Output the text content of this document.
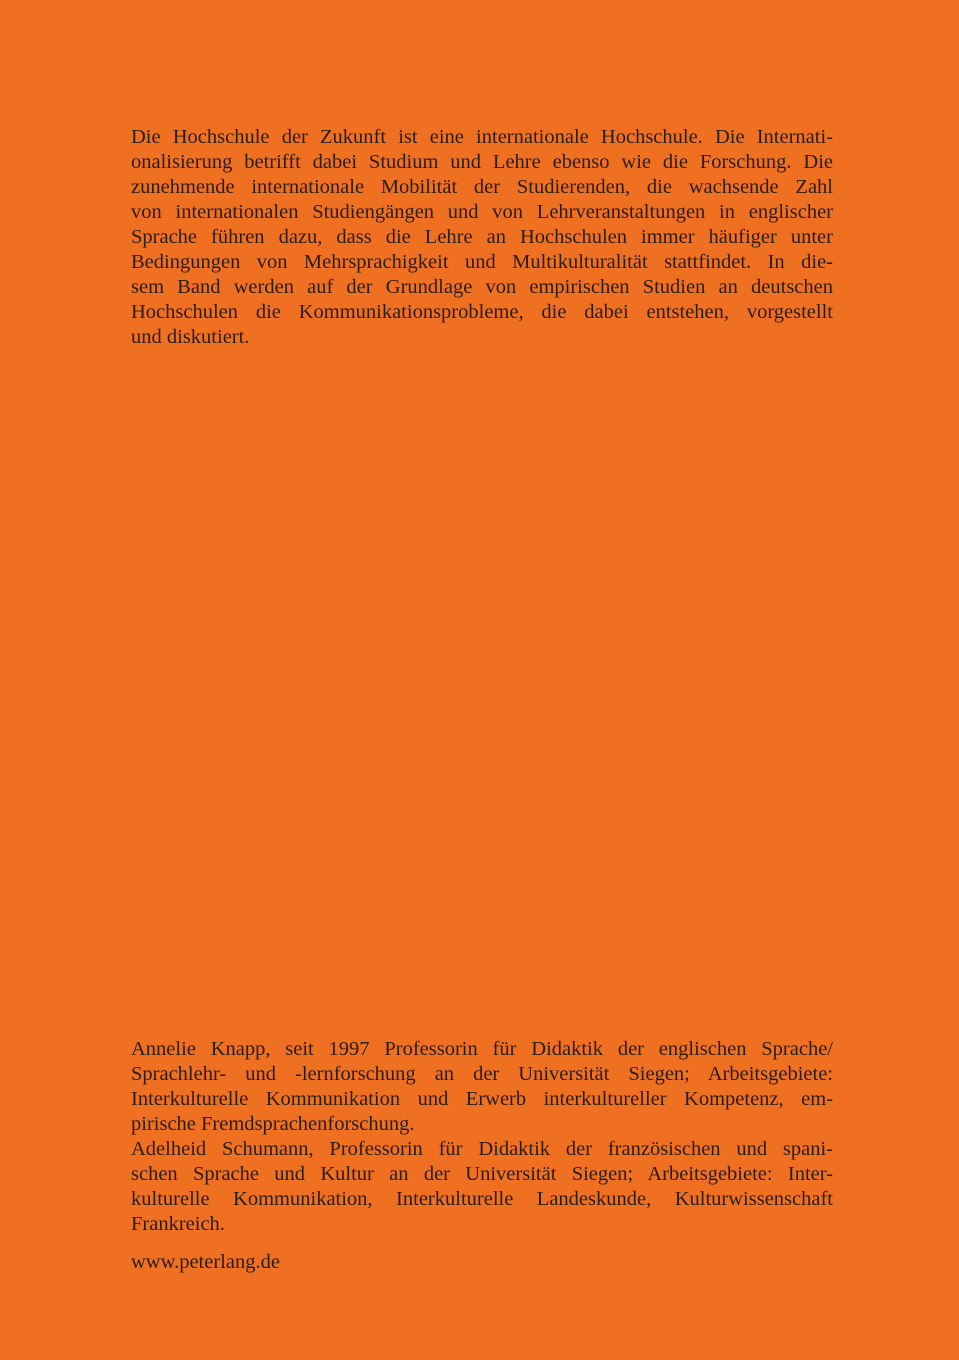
Die Hochschule der Zukunft ist eine internationale Hochschule. Die Internati-
onalisierung betrifft dabei Studium und Lehre ebenso wie die Forschung. Die
zunehmende internationale Mobilität der Studierenden, die wachsende Zahl
von internationalen Studiengängen und von Lehrveranstaltungen in englischer
Sprache führen dazu, dass die Lehre an Hochschulen immer häufiger unter
Bedingungen von Mehrsprachigkeit und Multikulturalität stattfindet. In die-
sem Band werden auf der Grundlage von empirischen Studien an deutschen
Hochschulen die Kommunikationsprobleme, die dabei entstehen, vorgestellt
und diskutiert.
Annelie Knapp, seit 1997 Professorin für Didaktik der englischen Sprache/
Sprachlehr- und -lernforschung an der Universität Siegen; Arbeitsgebiete:
Interkulturelle Kommunikation und Erwerb interkultureller Kompetenz, em-
pirische Fremdsprachenforschung.
Adelheid Schumann, Professorin für Didaktik der französischen und spani-
schen Sprache und Kultur an der Universität Siegen; Arbeitsgebiete: Inter-
kulturelle Kommunikation, Interkulturelle Landeskunde, Kulturwissenschaft
Frankreich.
www.peterlang.de
